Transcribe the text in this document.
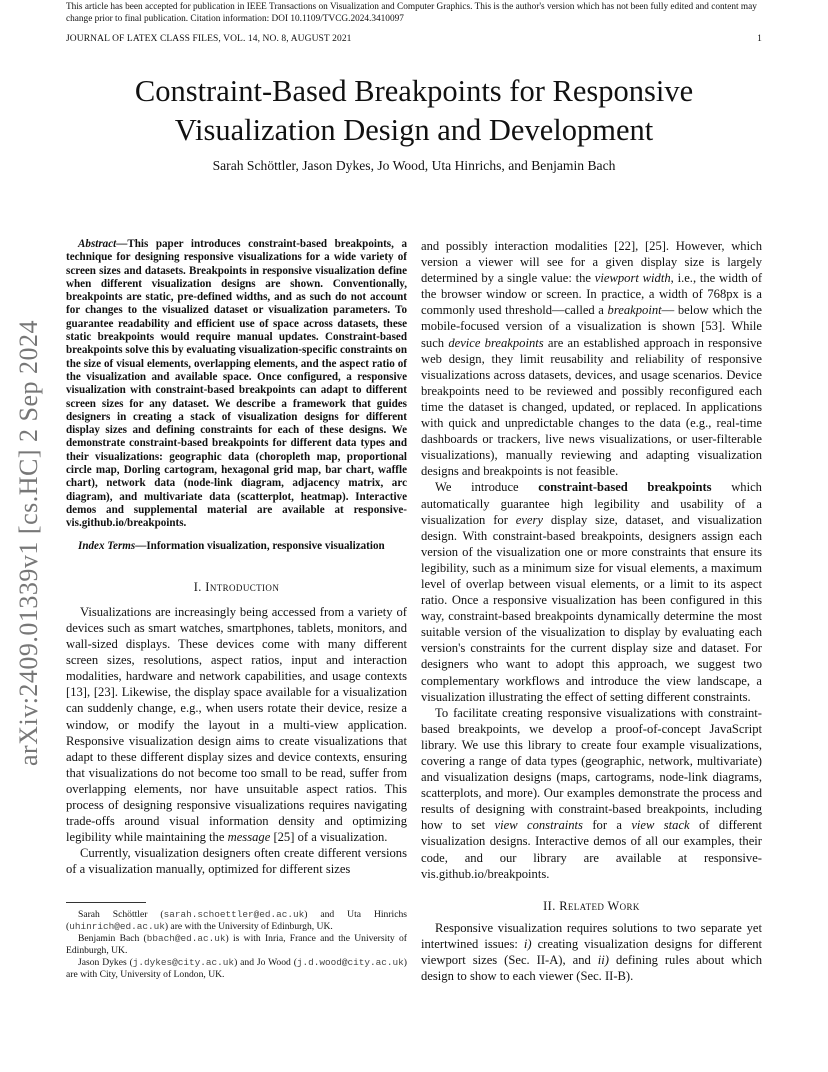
This article has been accepted for publication in IEEE Transactions on Visualization and Computer Graphics. This is the author's version which has not been fully edited and content may change prior to final publication. Citation information: DOI 10.1109/TVCG.2024.3410097
JOURNAL OF LATEX CLASS FILES, VOL. 14, NO. 8, AUGUST 2021	1
arXiv:2409.01339v1 [cs.HC] 2 Sep 2024
Constraint-Based Breakpoints for Responsive Visualization Design and Development
Sarah Schöttler, Jason Dykes, Jo Wood, Uta Hinrichs, and Benjamin Bach

Abstract—This paper introduces constraint-based breakpoints, a technique for designing responsive visualizations for a wide variety of screen sizes and datasets. Breakpoints in responsive visualization define when different visualization designs are shown. Conventionally, breakpoints are static, pre-defined widths, and as such do not account for changes to the visualized dataset or visualization parameters. To guarantee readability and efficient use of space across datasets, these static breakpoints would require manual updates. Constraint-based breakpoints solve this by evaluating visualization-specific constraints on the size of visual elements, overlapping elements, and the aspect ratio of the visualization and available space. Once configured, a responsive visualization with constraint-based breakpoints can adapt to different screen sizes for any dataset. We describe a framework that guides designers in creating a stack of visualization designs for different display sizes and defining constraints for each of these designs. We demonstrate constraint-based breakpoints for different data types and their visualizations: geographic data (choropleth map, proportional circle map, Dorling cartogram, hexagonal grid map, bar chart, waffle chart), network data (node-link diagram, adjacency matrix, arc diagram), and multivariate data (scatterplot, heatmap). Interactive demos and supplemental material are available at responsive-vis.github.io/breakpoints.

Index Terms—Information visualization, responsive visualization

I. Introduction

Visualizations are increasingly being accessed from a variety of devices such as smart watches, smartphones, tablets, monitors, and wall-sized displays. These devices come with many different screen sizes, resolutions, aspect ratios, input and interaction modalities, hardware and network capabilities, and usage contexts [13], [23]. Likewise, the display space available for a visualization can suddenly change, e.g., when users rotate their device, resize a window, or modify the layout in a multi-view application. Responsive visualization design aims to create visualizations that adapt to these different display sizes and device contexts, ensuring that visualizations do not become too small to be read, suffer from overlapping elements, nor have unsuitable aspect ratios. This process of designing responsive visualizations requires navigating trade-offs around visual information density and optimizing legibility while maintaining the message [25] of a visualization.

Currently, visualization designers often create different versions of a visualization manually, optimized for different sizes

Sarah Schöttler (sarah.schoettler@ed.ac.uk) and Uta Hinrichs (uhinrich@ed.ac.uk) are with the University of Edinburgh, UK.

Benjamin Bach (bbach@ed.ac.uk) is with Inria, France and the University of Edinburgh, UK.

Jason Dykes (j.dykes@city.ac.uk) and Jo Wood (j.d.wood@city.ac.uk) are with City, University of London, UK.

and possibly interaction modalities [22], [25]. However, which version a viewer will see for a given display size is largely determined by a single value: the viewport width, i.e., the width of the browser window or screen. In practice, a width of 768px is a commonly used threshold—called a breakpoint— below which the mobile-focused version of a visualization is shown [53]. While such device breakpoints are an established approach in responsive web design, they limit reusability and reliability of responsive visualizations across datasets, devices, and usage scenarios. Device breakpoints need to be reviewed and possibly reconfigured each time the dataset is changed, updated, or replaced. In applications with quick and unpredictable changes to the data (e.g., real-time dashboards or trackers, live news visualizations, or user-filterable visualizations), manually reviewing and adapting visualization designs and breakpoints is not feasible.

We introduce constraint-based breakpoints which automatically guarantee high legibility and usability of a visualization for every display size, dataset, and visualization design. With constraint-based breakpoints, designers assign each version of the visualization one or more constraints that ensure its legibility, such as a minimum size for visual elements, a maximum level of overlap between visual elements, or a limit to its aspect ratio. Once a responsive visualization has been configured in this way, constraint-based breakpoints dynamically determine the most suitable version of the visualization to display by evaluating each version's constraints for the current display size and dataset. For designers who want to adopt this approach, we suggest two complementary workflows and introduce the view landscape, a visualization illustrating the effect of setting different constraints.

To facilitate creating responsive visualizations with constraint-based breakpoints, we develop a proof-of-concept JavaScript library. We use this library to create four example visualizations, covering a range of data types (geographic, network, multivariate) and visualization designs (maps, cartograms, node-link diagrams, scatterplots, and more). Our examples demonstrate the process and results of designing with constraint-based breakpoints, including how to set view constraints for a view stack of different visualization designs. Interactive demos of all our examples, their code, and our library are available at responsive-vis.github.io/breakpoints.

II. Related Work

Responsive visualization requires solutions to two separate yet intertwined issues: i) creating visualization designs for different viewport sizes (Sec. II-A), and ii) defining rules about which design to show to each viewer (Sec. II-B).
